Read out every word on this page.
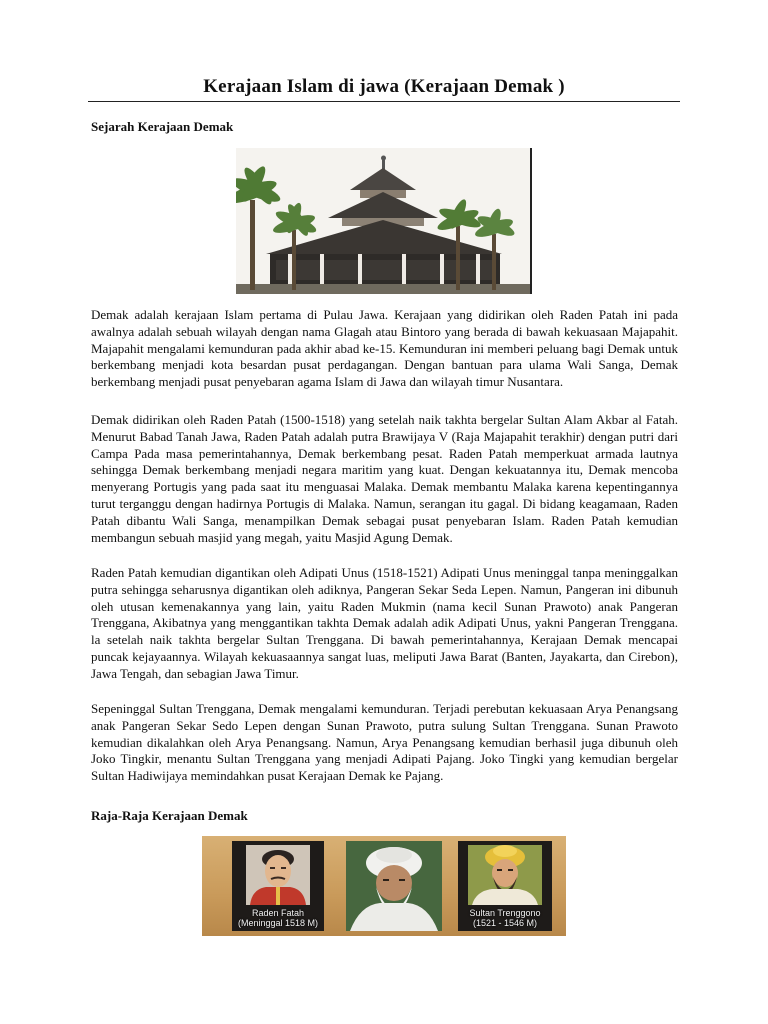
Kerajaan Islam di jawa (Kerajaan Demak )
Sejarah Kerajaan Demak

Demak adalah kerajaan Islam pertama di Pulau Jawa. Kerajaan yang didirikan oleh Raden Patah ini pada awalnya adalah sebuah wilayah dengan nama Glagah atau Bintoro yang berada di bawah kekuasaan Majapahit. Majapahit mengalami kemunduran pada akhir abad ke-15. Kemunduran ini memberi peluang bagi Demak untuk berkembang menjadi kota besardan pusat perdagangan. Dengan bantuan para ulama Wali Sanga, Demak berkembang menjadi pusat penyebaran agama Islam di Jawa dan wilayah timur Nusantara.

Demak didirikan oleh Raden Patah (1500-1518) yang setelah naik takhta bergelar Sultan Alam Akbar al Fatah. Menurut Babad Tanah Jawa, Raden Patah adalah putra Brawijaya V (Raja Majapahit terakhir) dengan putri dari Campa Pada masa pemerintahannya, Demak berkembang pesat. Raden Patah memperkuat armada lautnya sehingga Demak berkembang menjadi negara maritim yang kuat. Dengan kekuatannya itu, Demak mencoba menyerang Portugis yang pada saat itu menguasai Malaka. Demak membantu Malaka karena kepentingannya turut terganggu dengan hadirnya Portugis di Malaka. Namun, serangan itu gagal. Di bidang keagamaan, Raden Patah dibantu Wali Sanga, menampilkan Demak sebagai pusat penyebaran Islam. Raden Patah kemudian membangun sebuah masjid yang megah, yaitu Masjid Agung Demak.

Raden Patah kemudian digantikan oleh Adipati Unus (1518-1521) Adipati Unus meninggal tanpa meninggalkan putra sehingga seharusnya digantikan oleh adiknya, Pangeran Sekar Seda Lepen. Namun, Pangeran ini dibunuh oleh utusan kemenakannya yang lain, yaitu Raden Mukmin (nama kecil Sunan Prawoto) anak Pangeran Trenggana, Akibatnya yang menggantikan takhta Demak adalah adik Adipati Unus, yakni Pangeran Trenggana. la setelah naik takhta bergelar Sultan Trenggana. Di bawah pemerintahannya, Kerajaan Demak mencapai puncak kejayaannya. Wilayah kekuasaannya sangat luas, meliputi Jawa Barat (Banten, Jayakarta, dan Cirebon), Jawa Tengah, dan sebagian Jawa Timur.

Sepeninggal Sultan Trenggana, Demak mengalami kemunduran. Terjadi perebutan kekuasaan Arya Penangsang anak Pangeran Sekar Sedo Lepen dengan Sunan Prawoto, putra sulung Sultan Trenggana. Sunan Prawoto kemudian dikalahkan oleh Arya Penangsang. Namun, Arya Penangsang kemudian berhasil juga dibunuh oleh Joko Tingkir, menantu Sultan Trenggana yang menjadi Adipati Pajang. Joko Tingki yang kemudian bergelar Sultan Hadiwijaya memindahkan pusat Kerajaan Demak ke Pajang.

Raja-Raja Kerajaan Demak
Raden Fatah
(Meninggal 1518 M)
Sultan Trenggono
(1521 - 1546 M)
